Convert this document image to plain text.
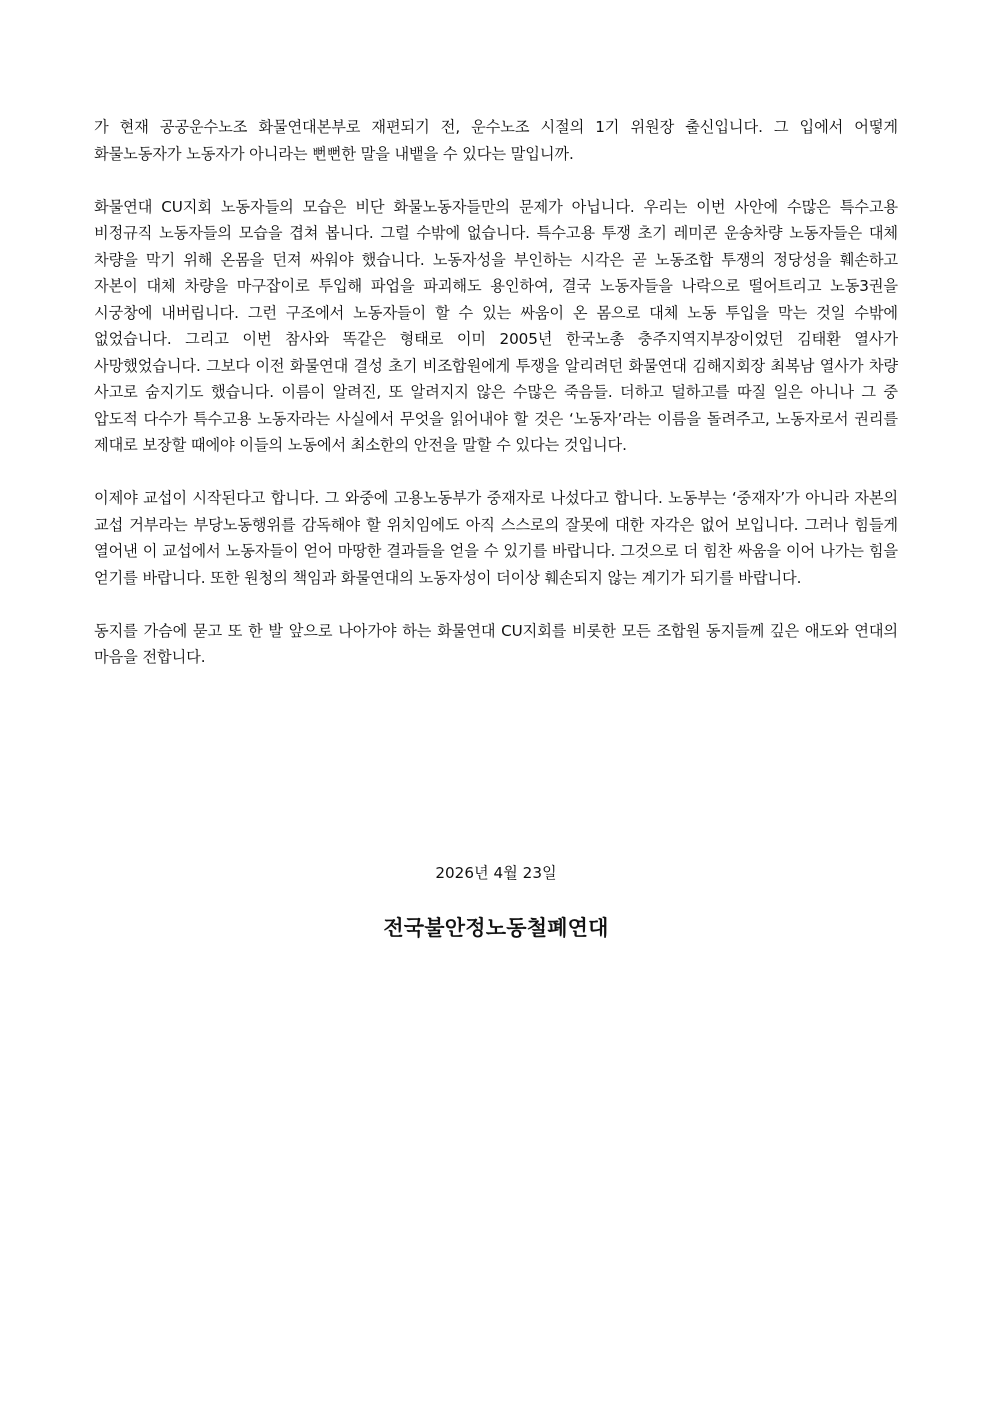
가 현재 공공운수노조 화물연대본부로 재편되기 전, 운수노조 시절의 1기 위원장 출신입니다. 그 입에서 어떻게 화물노동자가 노동자가 아니라는 뻔뻔한 말을 내뱉을 수 있다는 말입니까.

화물연대 CU지회 노동자들의 모습은 비단 화물노동자들만의 문제가 아닙니다. 우리는 이번 사안에 수많은 특수고용 비정규직 노동자들의 모습을 겹쳐 봅니다. 그럴 수밖에 없습니다. 특수고용 투쟁 초기 레미콘 운송차량 노동자들은 대체 차량을 막기 위해 온몸을 던져 싸워야 했습니다. 노동자성을 부인하는 시각은 곧 노동조합 투쟁의 정당성을 훼손하고 자본이 대체 차량을 마구잡이로 투입해 파업을 파괴해도 용인하여, 결국 노동자들을 나락으로 떨어트리고 노동3권을 시궁창에 내버립니다. 그런 구조에서 노동자들이 할 수 있는 싸움이 온 몸으로 대체 노동 투입을 막는 것일 수밖에 없었습니다. 그리고 이번 참사와 똑같은 형태로 이미 2005년 한국노총 충주지역지부장이었던 김태환 열사가 사망했었습니다. 그보다 이전 화물연대 결성 초기 비조합원에게 투쟁을 알리려던 화물연대 김해지회장 최복남 열사가 차량 사고로 숨지기도 했습니다. 이름이 알려진, 또 알려지지 않은 수많은 죽음들. 더하고 덜하고를 따질 일은 아니나 그 중 압도적 다수가 특수고용 노동자라는 사실에서 무엇을 읽어내야 할 것은 ‘노동자’라는 이름을 돌려주고, 노동자로서 권리를 제대로 보장할 때에야 이들의 노동에서 최소한의 안전을 말할 수 있다는 것입니다.

이제야 교섭이 시작된다고 합니다. 그 와중에 고용노동부가 중재자로 나섰다고 합니다. 노동부는 ‘중재자’가 아니라 자본의 교섭 거부라는 부당노동행위를 감독해야 할 위치임에도 아직 스스로의 잘못에 대한 자각은 없어 보입니다. 그러나 힘들게 열어낸 이 교섭에서 노동자들이 얻어 마땅한 결과들을 얻을 수 있기를 바랍니다. 그것으로 더 힘찬 싸움을 이어 나가는 힘을 얻기를 바랍니다. 또한 원청의 책임과 화물연대의 노동자성이 더이상 훼손되지 않는 계기가 되기를 바랍니다.

동지를 가슴에 묻고 또 한 발 앞으로 나아가야 하는 화물연대 CU지회를 비롯한 모든 조합원 동지들께 깊은 애도와 연대의 마음을 전합니다.

2026년 4월 23일
전국불안정노동철폐연대
